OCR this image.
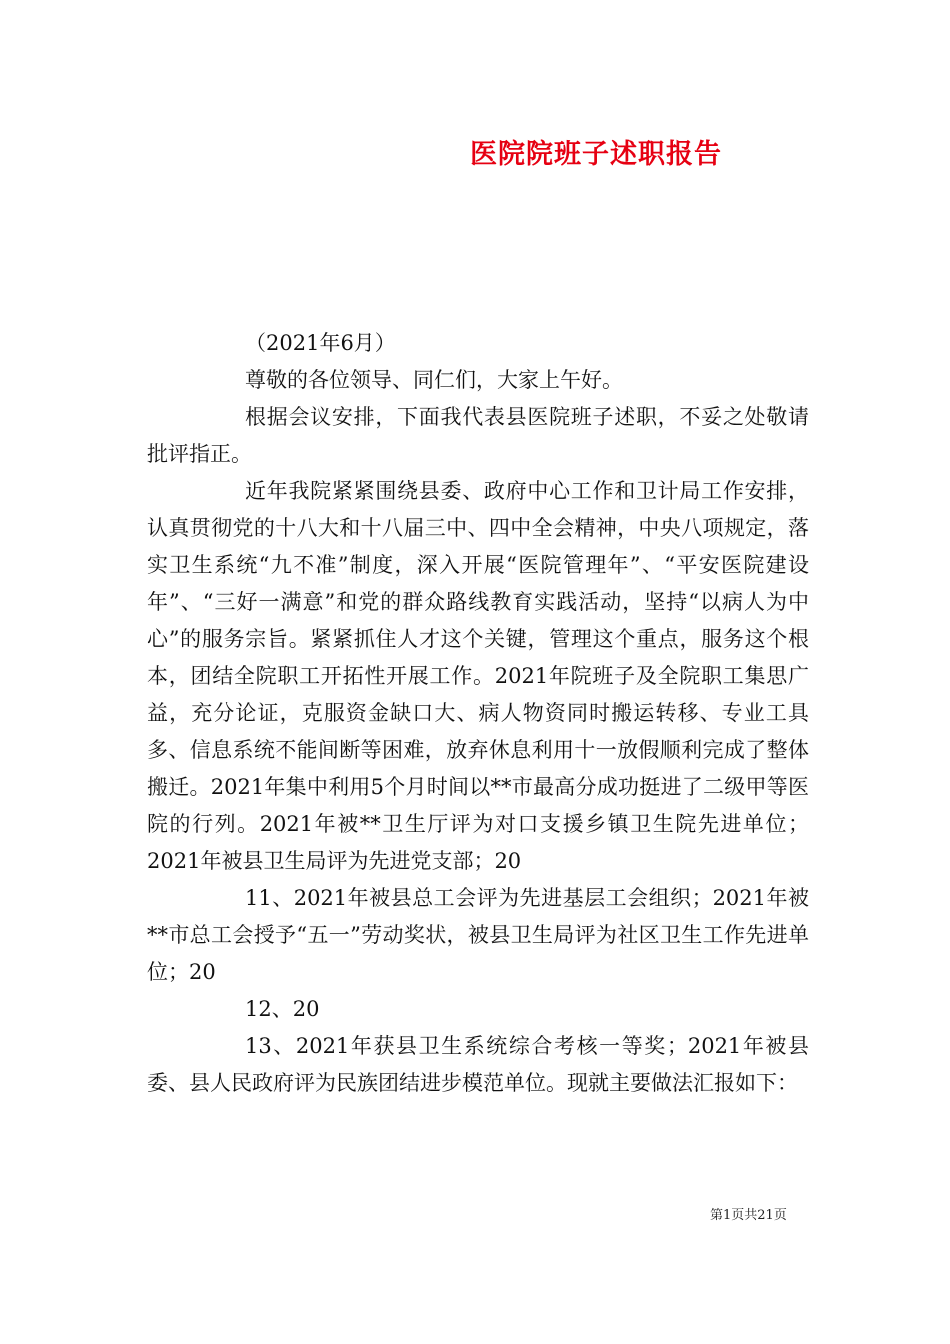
医院院班子述职报告

（2021年6月）

尊敬的各位领导、同仁们，大家上午好。

根据会议安排，下面我代表县医院班子述职，不妥之处敬请批评指正。

近年我院紧紧围绕县委、政府中心工作和卫计局工作安排，认真贯彻党的十八大和十八届三中、四中全会精神，中央八项规定，落实卫生系统“九不准”制度，深入开展“医院管理年”、“平安医院建设年”、“三好一满意”和党的群众路线教育实践活动，坚持“以病人为中心”的服务宗旨。紧紧抓住人才这个关键，管理这个重点，服务这个根本，团结全院职工开拓性开展工作。2021年院班子及全院职工集思广益，充分论证，克服资金缺口大、病人物资同时搬运转移、专业工具多、信息系统不能间断等困难，放弃休息利用十一放假顺利完成了整体搬迁。2021年集中利用5个月时间以**市最高分成功挺进了二级甲等医院的行列。2021年被**卫生厅评为对口支援乡镇卫生院先进单位；2021年被县卫生局评为先进党支部；20

11、2021年被县总工会评为先进基层工会组织；2021年被**市总工会授予“五一”劳动奖状，被县卫生局评为社区卫生工作先进单位；20

12、20

13、2021年获县卫生系统综合考核一等奖；2021年被县委、县人民政府评为民族团结进步模范单位。现就主要做法汇报如下：

第1页共21页
